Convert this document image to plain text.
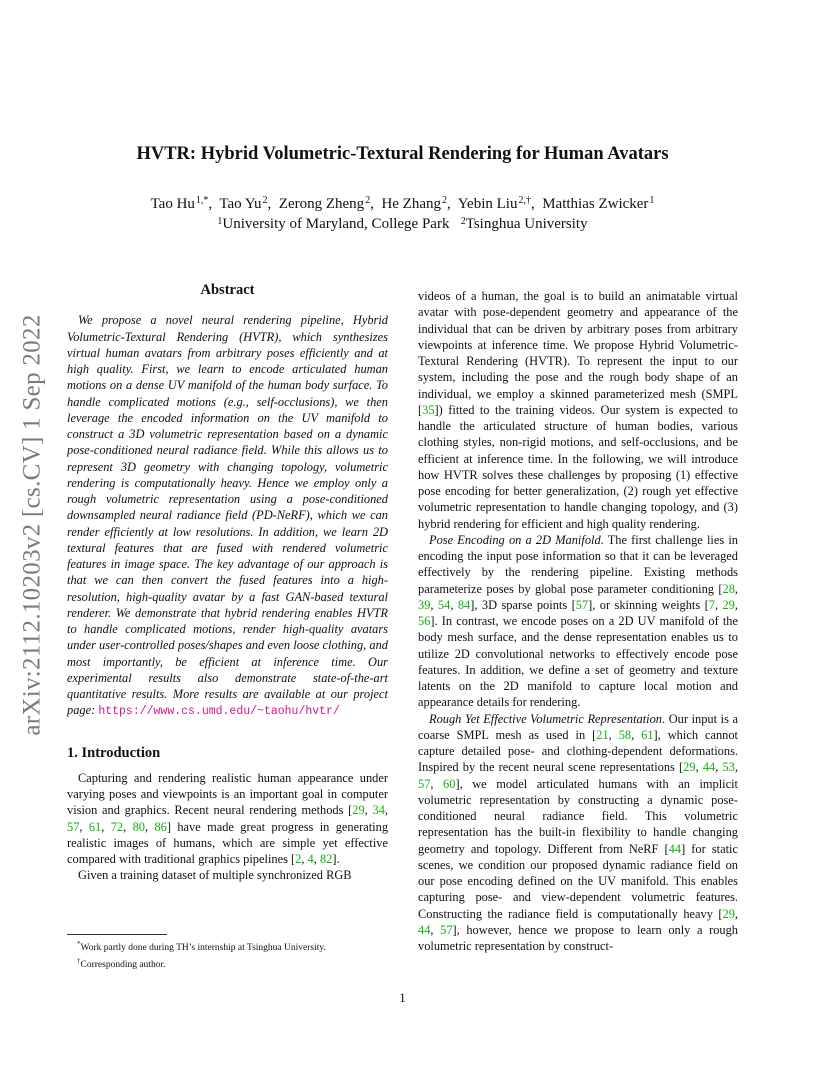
arXiv:2112.10203v2 [cs.CV] 1 Sep 2022
HVTR: Hybrid Volumetric-Textural Rendering for Human Avatars
Tao $Hu^{1,*}$,  Tao Yu$^2$,  Zerong Zheng$^2$,  He Zhang$^2$,  Yebin Liu$^{2,\dagger}$,  Matthias Zwicker$^1$
$^1$University of Maryland, College Park $^2$Tsinghua University
Abstract

We propose a novel neural rendering pipeline, Hybrid Volumetric-Textural Rendering (HVTR), which synthesizes virtual human avatars from arbitrary poses efficiently and at high quality. First, we learn to encode articulated human motions on a dense UV manifold of the human body surface. To handle complicated motions (e.g., self-occlusions), we then leverage the encoded information on the UV manifold to construct a 3D volumetric representation based on a dynamic pose-conditioned neural radiance field. While this allows us to represent 3D geometry with changing topology, volumetric rendering is computationally heavy. Hence we employ only a rough volumetric representation using a pose-conditioned downsampled neural radiance field (PD-NeRF), which we can render efficiently at low resolutions. In addition, we learn 2D textural features that are fused with rendered volumetric features in image space. The key advantage of our approach is that we can then convert the fused features into a high-resolution, high-quality avatar by a fast GAN-based textural renderer. We demonstrate that hybrid rendering enables HVTR to handle complicated motions, render high-quality avatars under user-controlled poses/shapes and even loose clothing, and most importantly, be efficient at inference time. Our experimental results also demonstrate state-of-the-art quantitative results. More results are available at our project page: https://www.cs.umd.edu/~taohu/hvtr/

1. Introduction

Capturing and rendering realistic human appearance under varying poses and viewpoints is an important goal in computer vision and graphics. Recent neural rendering methods [29, 34, 57, 61, 72, 80, 86] have made great progress in generating realistic images of humans, which are simple yet effective compared with traditional graphics pipelines [2, 4, 82].

Given a training dataset of multiple synchronized RGB

videos of a human, the goal is to build an animatable virtual avatar with pose-dependent geometry and appearance of the individual that can be driven by arbitrary poses from arbitrary viewpoints at inference time. We propose Hybrid Volumetric-Textural Rendering (HVTR). To represent the input to our system, including the pose and the rough body shape of an individual, we employ a skinned parameterized mesh (SMPL [35]) fitted to the training videos. Our system is expected to handle the articulated structure of human bodies, various clothing styles, non-rigid motions, and self-occlusions, and be efficient at inference time. In the following, we will introduce how HVTR solves these challenges by proposing (1) effective pose encoding for better generalization, (2) rough yet effective volumetric representation to handle changing topology, and (3) hybrid rendering for efficient and high quality rendering.

Pose Encoding on a 2D Manifold. The first challenge lies in encoding the input pose information so that it can be leveraged effectively by the rendering pipeline. Existing methods parameterize poses by global pose parameter conditioning [28, 39, 54, 84], 3D sparse points [57], or skinning weights [7, 29, 56]. In contrast, we encode poses on a 2D UV manifold of the body mesh surface, and the dense representation enables us to utilize 2D convolutional networks to effectively encode pose features. In addition, we define a set of geometry and texture latents on the 2D manifold to capture local motion and appearance details for rendering.

Rough Yet Effective Volumetric Representation. Our input is a coarse SMPL mesh as used in [21, 58, 61], which cannot capture detailed pose- and clothing-dependent deformations. Inspired by the recent neural scene representations [29, 44, 53, 57, 60], we model articulated humans with an implicit volumetric representation by constructing a dynamic pose-conditioned neural radiance field. This volumetric representation has the built-in flexibility to handle changing geometry and topology. Different from NeRF [44] for static scenes, we condition our proposed dynamic radiance field on our pose encoding defined on the UV manifold. This enables capturing pose- and view-dependent volumetric features. Constructing the radiance field is computationally heavy [29, 44, 57], however, hence we propose to learn only a rough volumetric representation by construct-

*Work partly done during TH’s internship at Tsinghua University.
†Corresponding author.
1
